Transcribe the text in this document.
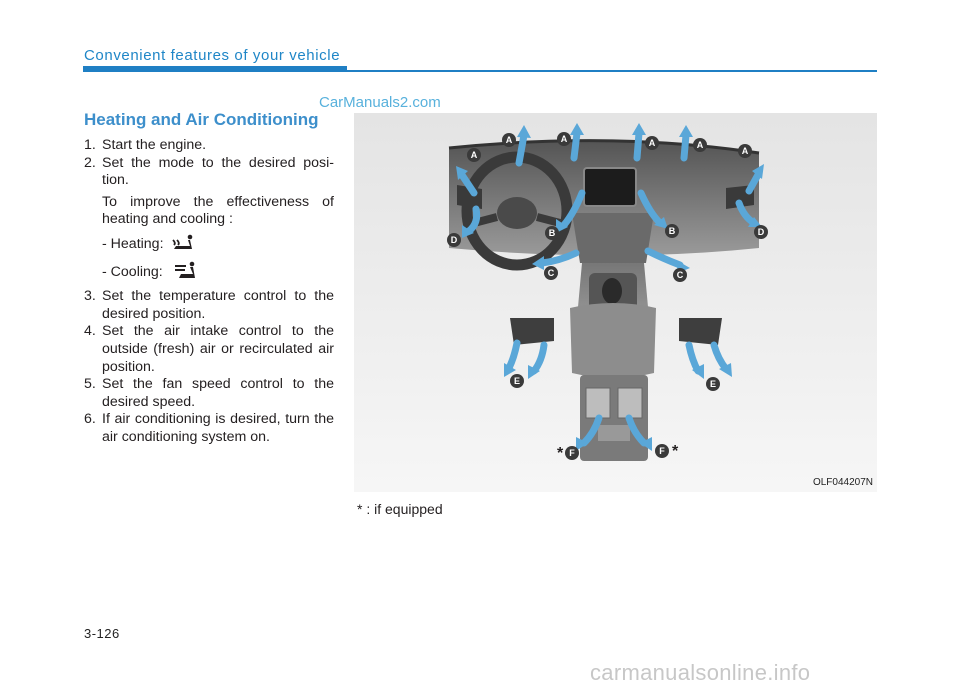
Convenient features of your vehicle
CarManuals2.com
Heating and Air Conditioning
1. Start the engine.
2. Set the mode to the desired posi-tion.
To improve the effectiveness of heating and cooling :
- Heating:
- Cooling:
3. Set the temperature control to the desired position.
4. Set the air intake control to the outside (fresh) air or recirculated air position.
5. Set the fan speed control to the desired speed.
6. If air conditioning is desired, turn the air conditioning system on.
A	A	A	A
A	A
B	B
C	C
D
D
E	E
F	F
*	*
OLF044207N
* : if equipped
3-126
carmanualsonline.info
